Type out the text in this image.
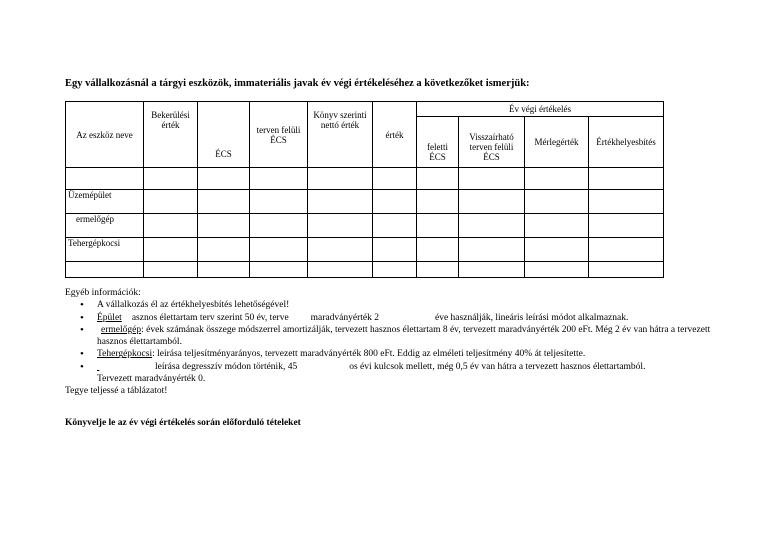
Egy vállalkozásnál a tárgyi eszközök, immateriális javak év végi értékeléséhez a következőket ismerjük:
Az eszköz neve	Bekerülési érték	ÉCS	terven felüli ÉCS	Könyv szerinti nettó érték	érték	Év végi értékelés			
						feletti ÉCS	Visszaírható terven felüli ÉCS	Mérlegérték	Értékhelyesbítés

Üzemépület									
ermelőgép									
Tehergépkocsi									

Egyéb információk:
• A vállalkozás él az értékhelyesbítés lehetőségével!
• Épület asznos élettartam terv szerint 50 év, terve maradványérték 2	éve használják, lineáris leírási módot alkalmaznak.
• ermelőgép: évek számának összege módszerrel amortizálják, tervezett hasznos élettartam 8 év, tervezett maradványérték 200 eFt. Még 2 év van hátra a tervezett hasznos élettartamból.
• Tehergépkocsi: leírása teljesítményarányos, tervezett maradványérték 800 eFt. Eddig az elméleti teljesítmény 40% át teljesítette.
• leírása degresszív módon történik, 45	os évi kulcsok mellett, még 0,5 év van hátra a tervezett hasznos élettartamból.
Tervezett maradványérték 0.
Tegye teljessé a táblázatot!
Könyvelje le az év végi értékelés során előforduló tételeket
